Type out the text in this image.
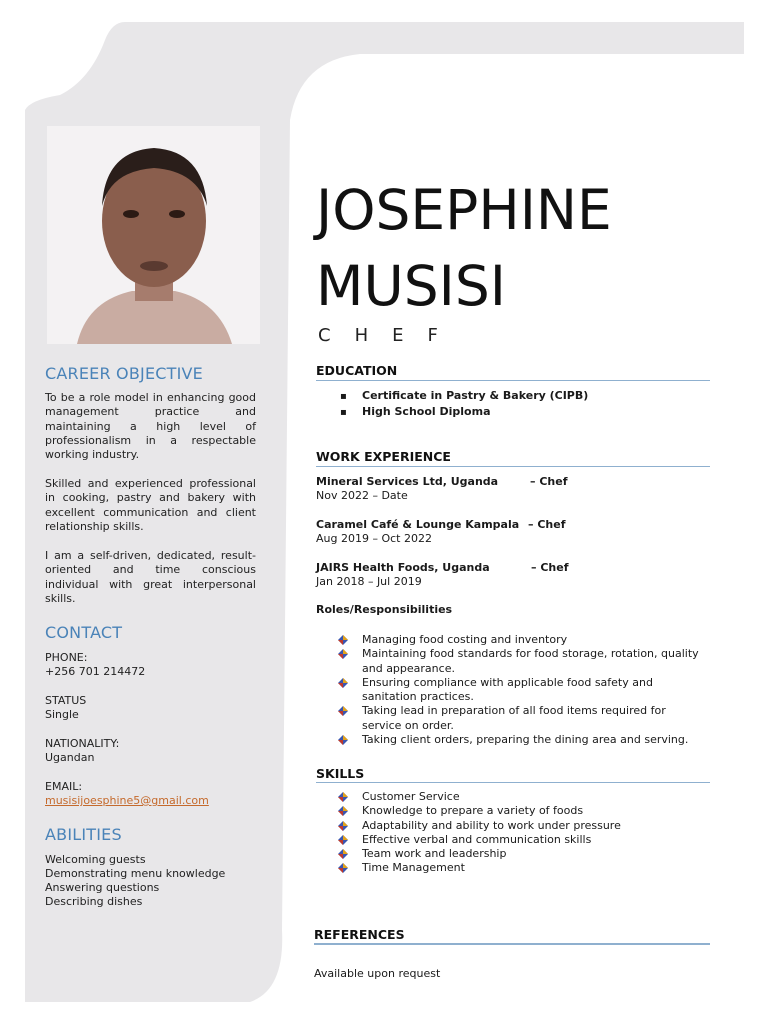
CAREER OBJECTIVE

To be a role model in enhancing good management practice and maintaining a high level of professionalism in a respectable working industry.

Skilled and experienced professional in cooking, pastry and bakery with excellent communication and client relationship skills.

I am a self-driven, dedicated, result-oriented and time conscious individual with great interpersonal skills.

CONTACT
PHONE:
+256 701 214472
STATUS
Single
NATIONALITY:
Ugandan
EMAIL:
musisijoesphine5@gmail.com
ABILITIES
Welcoming guests
Demonstrating menu knowledge
Answering questions
Describing dishes
JOSEPHINE
MUSISI
CHEF
EDUCATION
▪ Certificate in Pastry & Bakery (CIPB)
▪ High School Diploma
WORK EXPERIENCE
Mineral Services Ltd, Uganda	– Chef
Nov 2022 – Date
Caramel Café & Lounge Kampala – Chef
Aug 2019 – Oct 2022
JAIRS Health Foods, Uganda	– Chef
Jan 2018 – Jul 2019
Roles/Responsibilities
Managing food costing and inventory
Maintaining food standards for food storage, rotation, quality and appearance.
Ensuring compliance with applicable food safety and sanitation practices.
Taking lead in preparation of all food items required for service on order.
Taking client orders, preparing the dining area and serving.
SKILLS
Customer Service
Knowledge to prepare a variety of foods
Adaptability and ability to work under pressure
Effective verbal and communication skills
Team work and leadership
Time Management
REFERENCES
Available upon request
